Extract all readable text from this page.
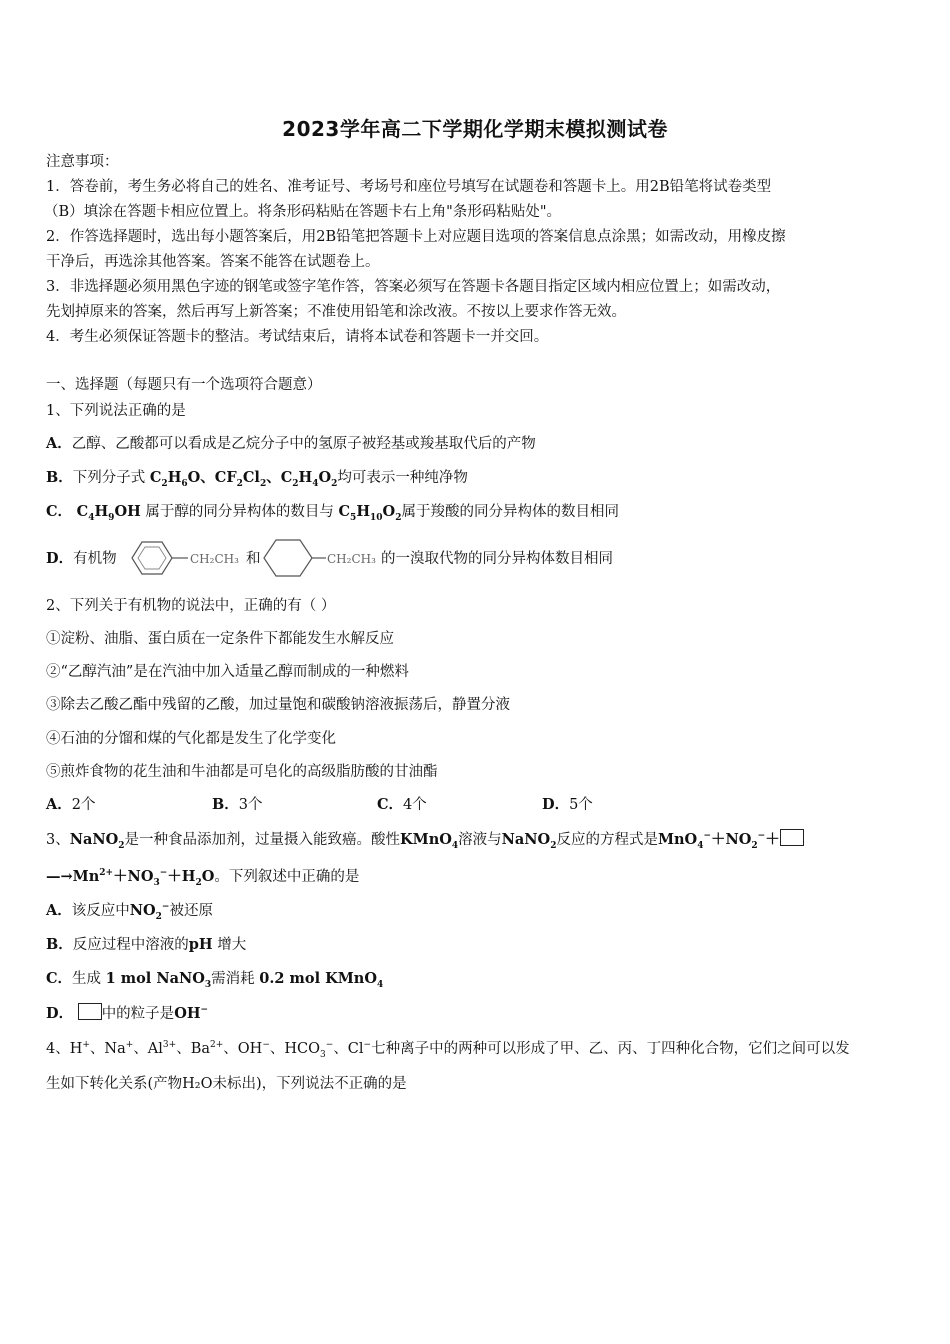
2023学年高二下学期化学期末模拟测试卷
注意事项：
1．答卷前，考生务必将自己的姓名、准考证号、考场号和座位号填写在试题卷和答题卡上。用2B铅笔将试卷类型
（B）填涂在答题卡相应位置上。将条形码粘贴在答题卡右上角"条形码粘贴处"。
2．作答选择题时，选出每小题答案后，用2B铅笔把答题卡上对应题目选项的答案信息点涂黑；如需改动，用橡皮擦
干净后，再选涂其他答案。答案不能答在试题卷上。
3．非选择题必须用黑色字迹的钢笔或签字笔作答，答案必须写在答题卡各题目指定区域内相应位置上；如需改动，
先划掉原来的答案，然后再写上新答案；不准使用铅笔和涂改液。不按以上要求作答无效。
4．考生必须保证答题卡的整洁。考试结束后，请将本试卷和答题卡一并交回。
一、选择题（每题只有一个选项符合题意）
1、下列说法正确的是
A．乙醇、乙酸都可以看成是乙烷分子中的氢原子被羟基或羧基取代后的产物
B．下列分子式 $C_2H_6O$、$CF_2Cl_2$、$C_2H_4O_2$均可表示一种纯净物
C． $C_4H_9OH$ 属于醇的同分异构体的数目与 $C_5H_{10}O_2$属于羧酸的同分异构体的数目相同
D．有机物	CH₂CH₃ 和	CH₂CH₃ 的一溴取代物的同分异构体数目相同
2、下列关于有机物的说法中，正确的有（ ）
①淀粉、油脂、蛋白质在一定条件下都能发生水解反应
②“乙醇汽油”是在汽油中加入适量乙醇而制成的一种燃料
③除去乙酸乙酯中残留的乙酸，加过量饱和碳酸钠溶液振荡后，静置分液
④石油的分馏和煤的气化都是发生了化学变化
⑤煎炸食物的花生油和牛油都是可皂化的高级脂肪酸的甘油酯
A．2个	B．3个	C．4个	D．5个
3、NaNO$_2$是一种食品添加剂，过量摄入能致癌。酸性KMnO$_4$溶液与NaNO$_2$反应的方程式是$MnO_4^-+NO_2^-+$
$—\to Mn^{2+}+NO_3^-+H_2O$。下列叙述中正确的是
A．该反应中$NO_2^-$被还原
B．反应过程中溶液的pH 增大
C．生成 1 mol NaNO$_3$需消耗 0.2 mol KMnO$_4$
D． 中的粒子是OH−
4、H+、Na+、$Al^{3+}$、$Ba^{2+}$、OH−、$HCO_3^-$、Cl−七种离子中的两种可以形成了甲、乙、丙、丁四种化合物，它们之间可以发
生如下转化关系(产物H₂O未标出)，下列说法不正确的是
